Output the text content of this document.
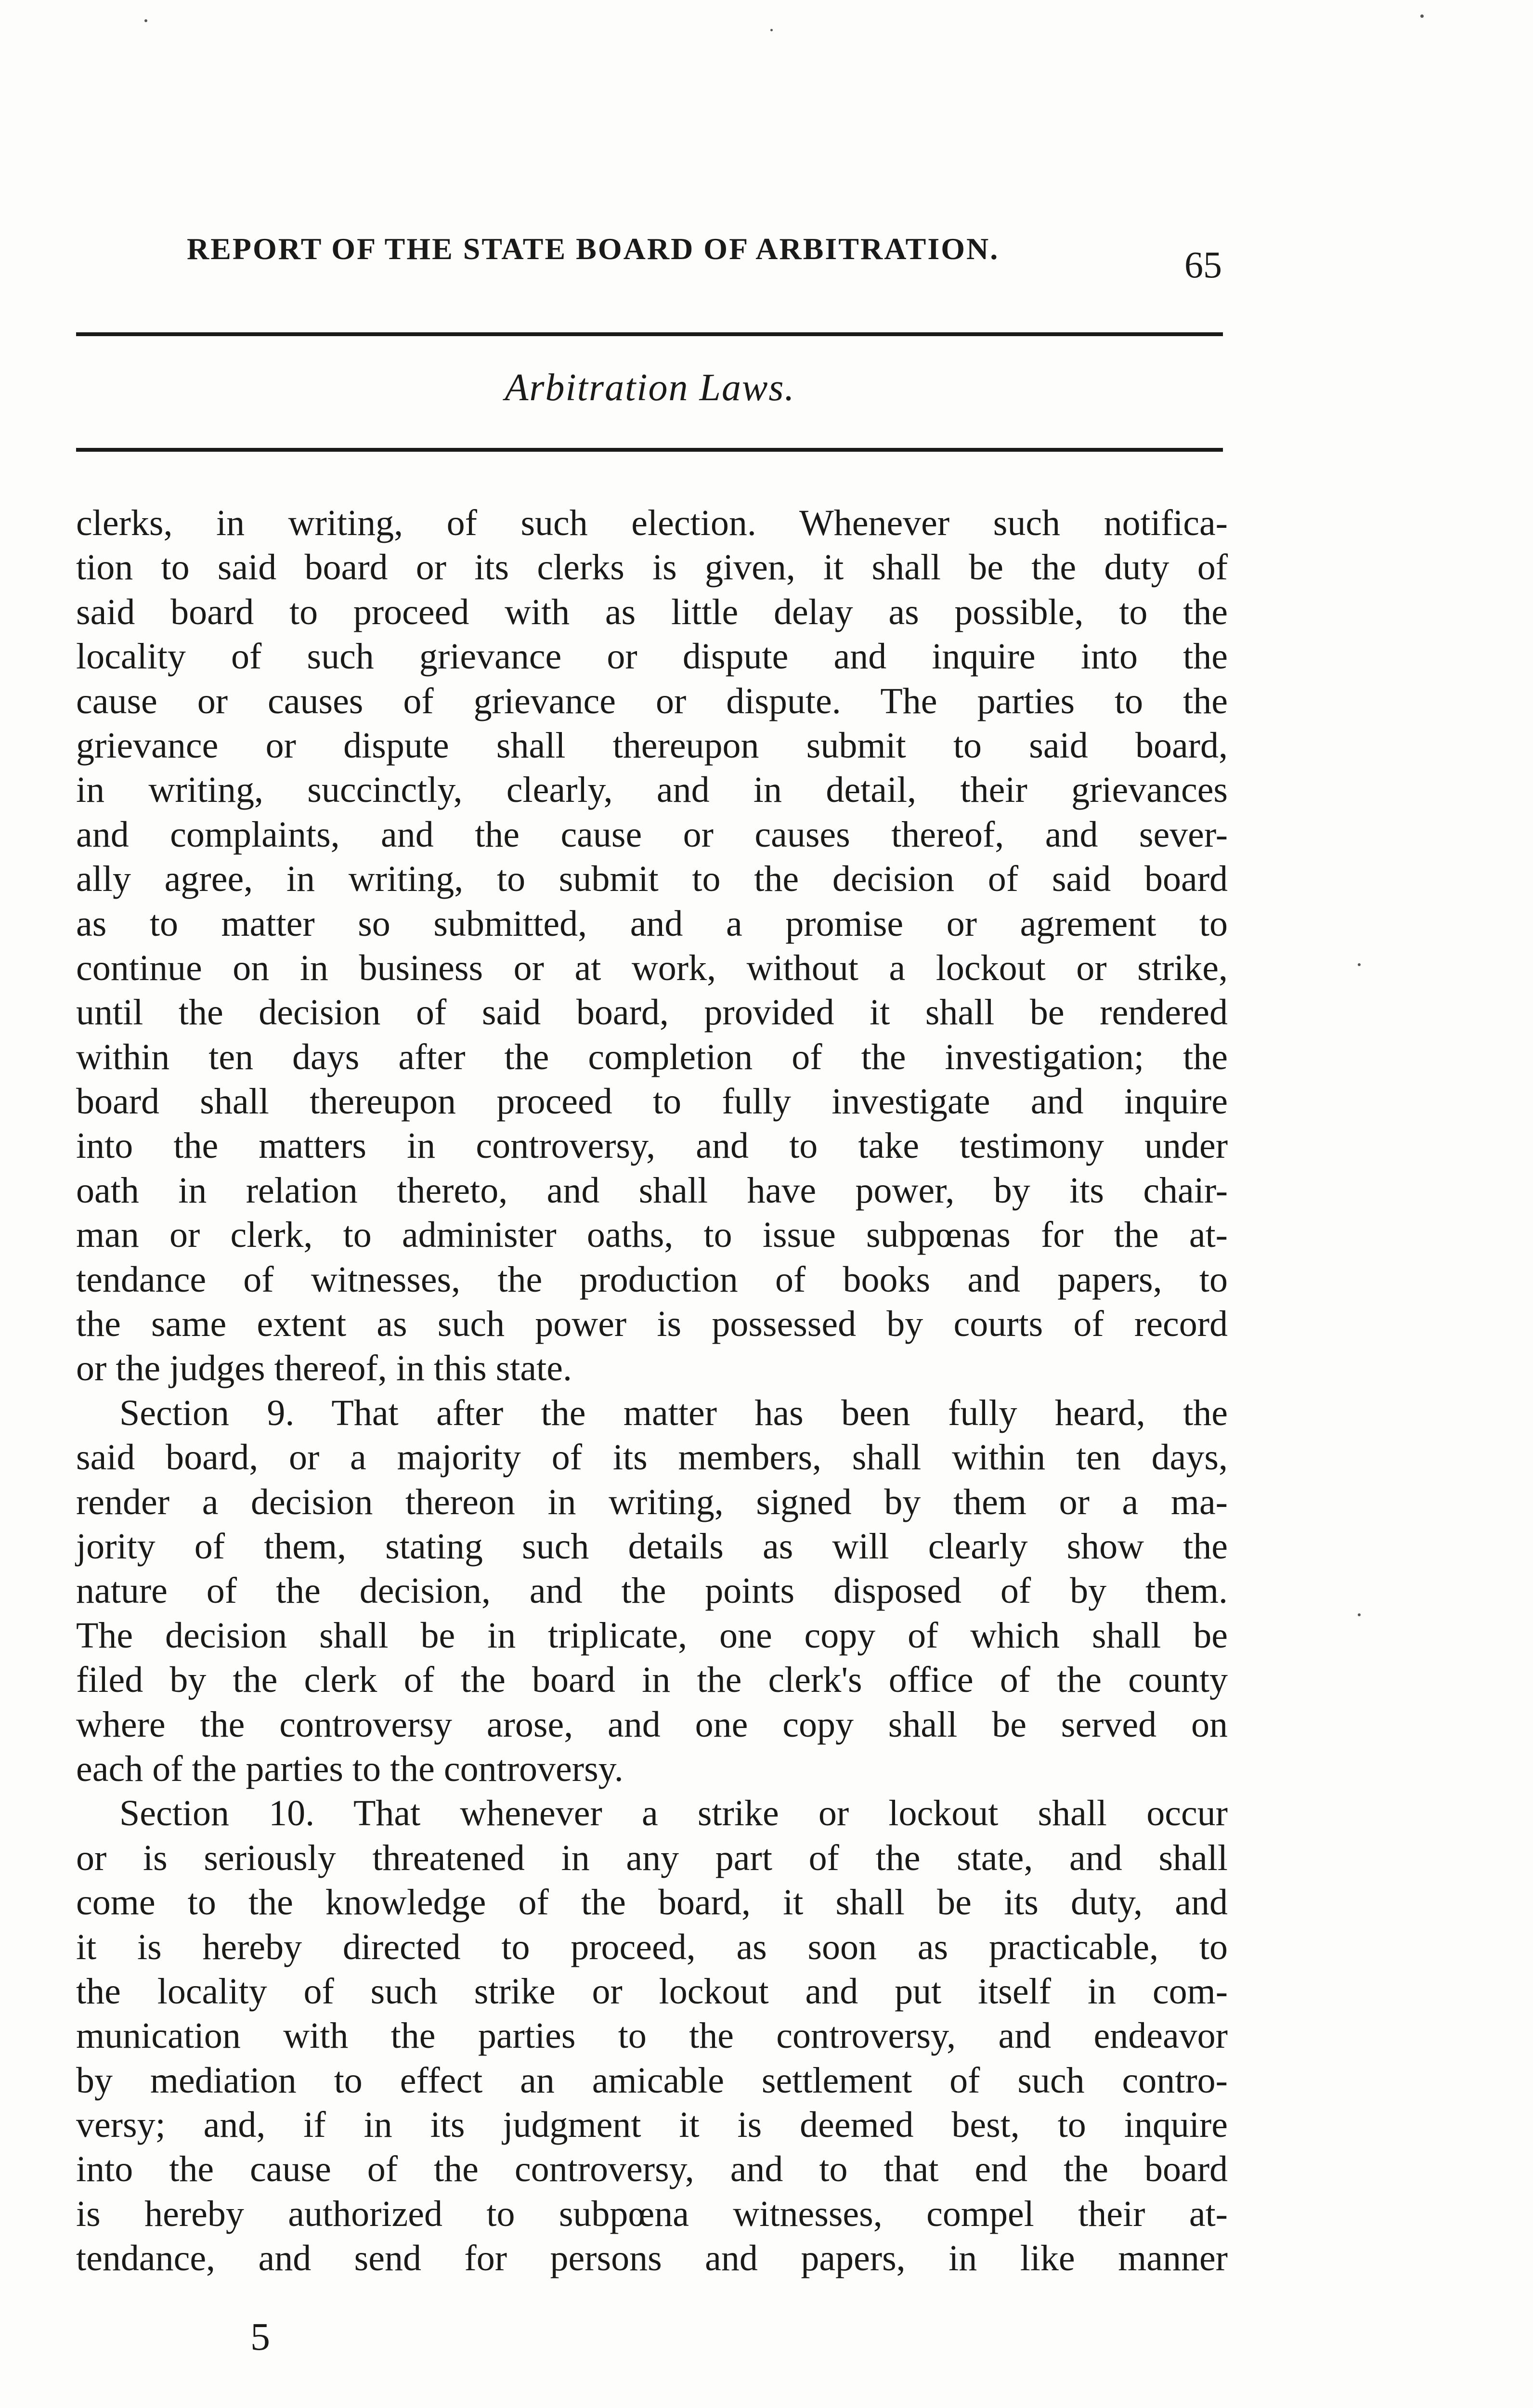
REPORT OF THE STATE BOARD OF ARBITRATION.	65
Arbitration Laws.
clerks, in writing, of such election. Whenever such notifica-
tion to said board or its clerks is given, it shall be the duty of
said board to proceed with as little delay as possible, to the
locality of such grievance or dispute and inquire into the
cause or causes of grievance or dispute. The parties to the
grievance or dispute shall thereupon submit to said board,
in writing, succinctly, clearly, and in detail, their grievances
and complaints, and the cause or causes thereof, and sever-
ally agree, in writing, to submit to the decision of said board
as to matter so submitted, and a promise or agrement to
continue on in business or at work, without a lockout or strike,
until the decision of said board, provided it shall be rendered
within ten days after the completion of the investigation; the
board shall thereupon proceed to fully investigate and inquire
into the matters in controversy, and to take testimony under
oath in relation thereto, and shall have power, by its chair-
man or clerk, to administer oaths, to issue subpœnas for the at-
tendance of witnesses, the production of books and papers, to
the same extent as such power is possessed by courts of record
or the judges thereof, in this state.
Section 9. That after the matter has been fully heard, the
said board, or a majority of its members, shall within ten days,
render a decision thereon in writing, signed by them or a ma-
jority of them, stating such details as will clearly show the
nature of the decision, and the points disposed of by them.
The decision shall be in triplicate, one copy of which shall be
filed by the clerk of the board in the clerk's office of the county
where the controversy arose, and one copy shall be served on
each of the parties to the controversy.
Section 10. That whenever a strike or lockout shall occur
or is seriously threatened in any part of the state, and shall
come to the knowledge of the board, it shall be its duty, and
it is hereby directed to proceed, as soon as practicable, to
the locality of such strike or lockout and put itself in com-
munication with the parties to the controversy, and endeavor
by mediation to effect an amicable settlement of such contro-
versy; and, if in its judgment it is deemed best, to inquire
into the cause of the controversy, and to that end the board
is hereby authorized to subpœna witnesses, compel their at-
tendance, and send for persons and papers, in like manner
5
